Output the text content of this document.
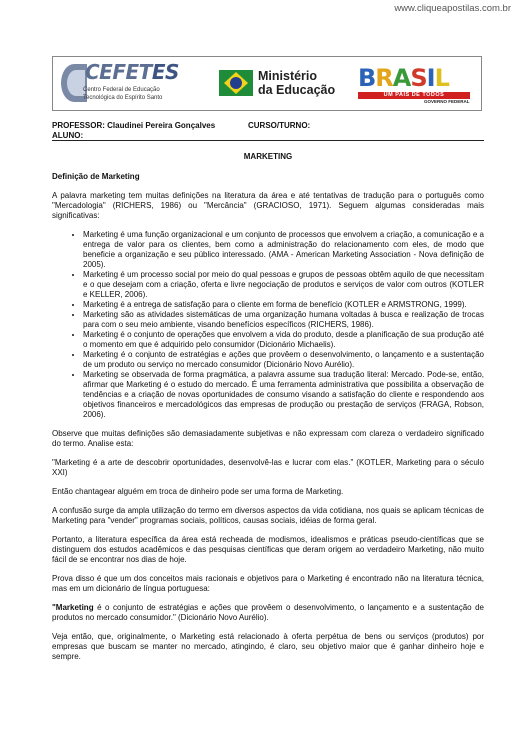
www.cliqueapostilas.com.br
CEFETES
Centro Federal de Educação
Tecnológica do Espírito Santo
Ministério
da Educação B R A S I L
UM PAÍS DE TODOS
GOVERNO FEDERAL
PROFESSOR: Claudinei Pereira Gonçalves	CURSO/TURNO:
ALUNO:
MARKETING
Definição de Marketing

A palavra marketing tem muitas definições na literatura da área e até tentativas de tradução para o português como "Mercadologia" (RICHERS, 1986) ou "Mercância" (GRACIOSO, 1971). Seguem algumas consideradas mais significativas:

• Marketing é uma função organizacional e um conjunto de processos que envolvem a criação, a comunicação e a entrega de valor para os clientes, bem como a administração do relacionamento com eles, de modo que beneficie a organização e seu público interessado. (AMA - American Marketing Association - Nova definição de 2005).
• Marketing é um processo social por meio do qual pessoas e grupos de pessoas obtêm aquilo de que necessitam e o que desejam com a criação, oferta e livre negociação de produtos e serviços de valor com outros (KOTLER e KELLER, 2006).
• Marketing é a entrega de satisfação para o cliente em forma de benefício (KOTLER e ARMSTRONG, 1999).
• Marketing são as atividades sistemáticas de uma organização humana voltadas à busca e realização de trocas para com o seu meio ambiente, visando benefícios específicos (RICHERS, 1986).
• Marketing é o conjunto de operações que envolvem a vida do produto, desde a planificação de sua produção até o momento em que é adquirido pelo consumidor (Dicionário Michaelis).
• Marketing é o conjunto de estratégias e ações que provêem o desenvolvimento, o lançamento e a sustentação de um produto ou serviço no mercado consumidor (Dicionário Novo Aurélio).
• Marketing se observada de forma pragmática, a palavra assume sua tradução literal: Mercado. Pode-se, então, afirmar que Marketing é o estudo do mercado. É uma ferramenta administrativa que possibilita a observação de tendências e a criação de novas oportunidades de consumo visando a satisfação do cliente e respondendo aos objetivos financeiros e mercadológicos das empresas de produção ou prestação de serviços (FRAGA, Robson, 2006).

Observe que muitas definições são demasiadamente subjetivas e não expressam com clareza o verdadeiro significado do termo. Analise esta:

"Marketing é a arte de descobrir oportunidades, desenvolvê-las e lucrar com elas." (KOTLER, Marketing para o século XXI)

Então chantagear alguém em troca de dinheiro pode ser uma forma de Marketing.

A confusão surge da ampla utilização do termo em diversos aspectos da vida cotidiana, nos quais se aplicam técnicas de Marketing para "vender" programas sociais, políticos, causas sociais, idéias de forma geral.

Portanto, a literatura específica da área está recheada de modismos, idealismos e práticas pseudo-científicas que se distinguem dos estudos acadêmicos e das pesquisas científicas que deram origem ao verdadeiro Marketing, não muito fácil de se encontrar nos dias de hoje.

Prova disso é que um dos conceitos mais racionais e objetivos para o Marketing é encontrado não na literatura técnica, mas em um dicionário de língua portuguesa:

"Marketing é o conjunto de estratégias e ações que provêem o desenvolvimento, o lançamento e a sustentação de produtos no mercado consumidor." (Dicionário Novo Aurélio).

Veja então, que, originalmente, o Marketing está relacionado à oferta perpétua de bens ou serviços (produtos) por empresas que buscam se manter no mercado, atingindo, é claro, seu objetivo maior que é ganhar dinheiro hoje e sempre.
